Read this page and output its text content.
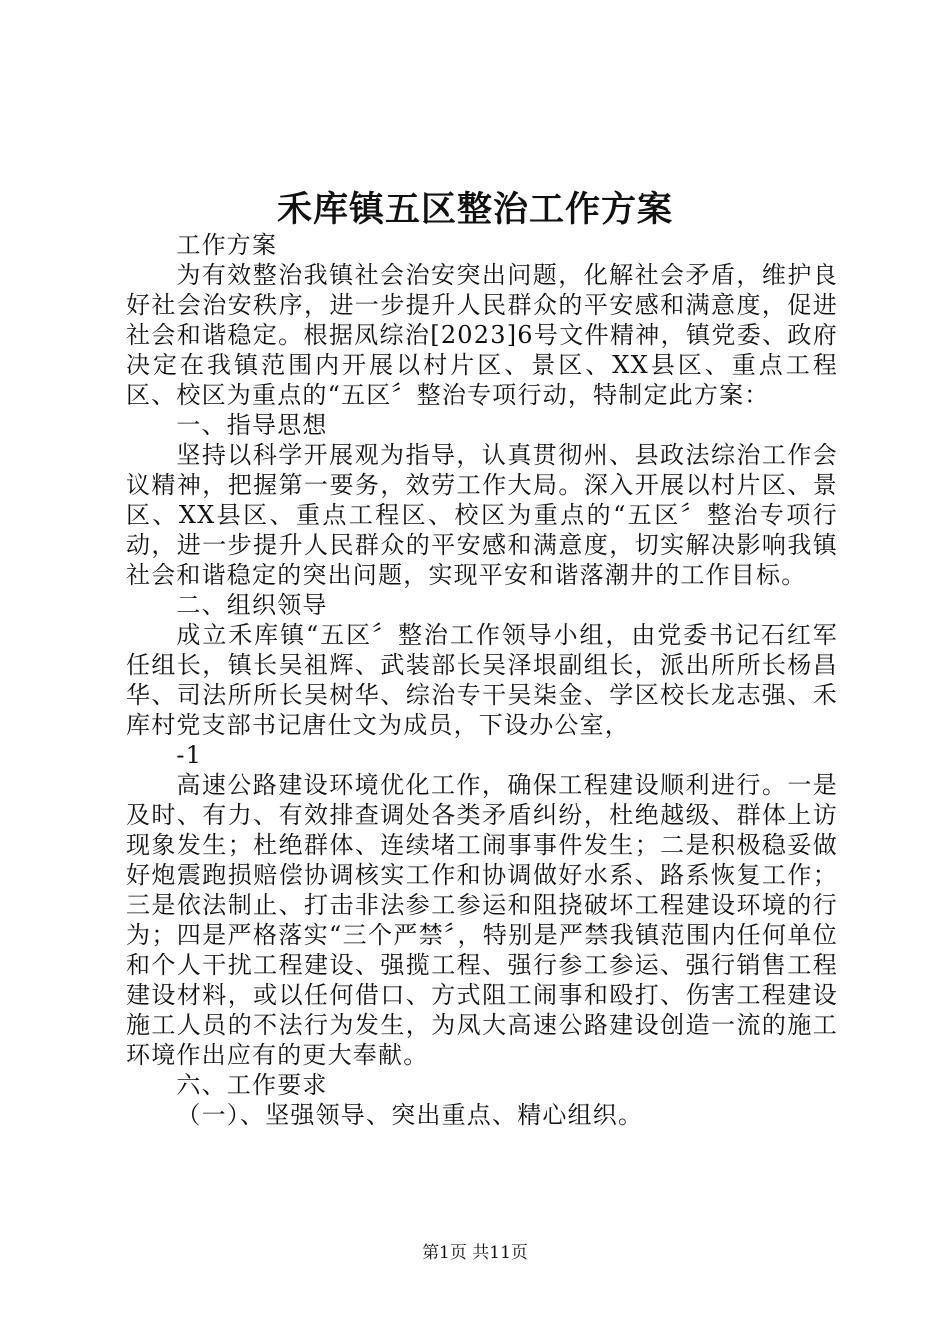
禾库镇五区整治工作方案

工作方案

为有效整治我镇社会治安突出问题，化解社会矛盾，维护良好社会治安秩序，进一步提升人民群众的平安感和满意度，促进社会和谐稳定。根据凤综治[2023]6号文件精神，镇党委、政府决定在我镇范围内开展以村片区、景区、XX县区、重点工程区、校区为重点的“五区〞整治专项行动，特制定此方案：

一、指导思想

坚持以科学开展观为指导，认真贯彻州、县政法综治工作会议精神，把握第一要务，效劳工作大局。深入开展以村片区、景区、XX县区、重点工程区、校区为重点的“五区〞整治专项行动，进一步提升人民群众的平安感和满意度，切实解决影响我镇社会和谐稳定的突出问题，实现平安和谐落潮井的工作目标。

二、组织领导

成立禾库镇“五区〞整治工作领导小组，由党委书记石红军任组长，镇长吴祖辉、武装部长吴泽垠副组长，派出所所长杨昌华、司法所所长吴树华、综治专干吴柒金、学区校长龙志强、禾库村党支部书记唐仕文为成员，下设办公室，

-1

高速公路建设环境优化工作，确保工程建设顺利进行。一是及时、有力、有效排查调处各类矛盾纠纷，杜绝越级、群体上访现象发生；杜绝群体、连续堵工闹事事件发生；二是积极稳妥做好炮震跑损赔偿协调核实工作和协调做好水系、路系恢复工作；三是依法制止、打击非法参工参运和阻挠破坏工程建设环境的行为；四是严格落实“三个严禁〞，特别是严禁我镇范围内任何单位和个人干扰工程建设、强揽工程、强行参工参运、强行销售工程建设材料，或以任何借口、方式阻工闹事和殴打、伤害工程建设施工人员的不法行为发生，为凤大高速公路建设创造一流的施工环境作出应有的更大奉献。

六、工作要求

（一）、坚强领导、突出重点、精心组织。

第1页 共11页
